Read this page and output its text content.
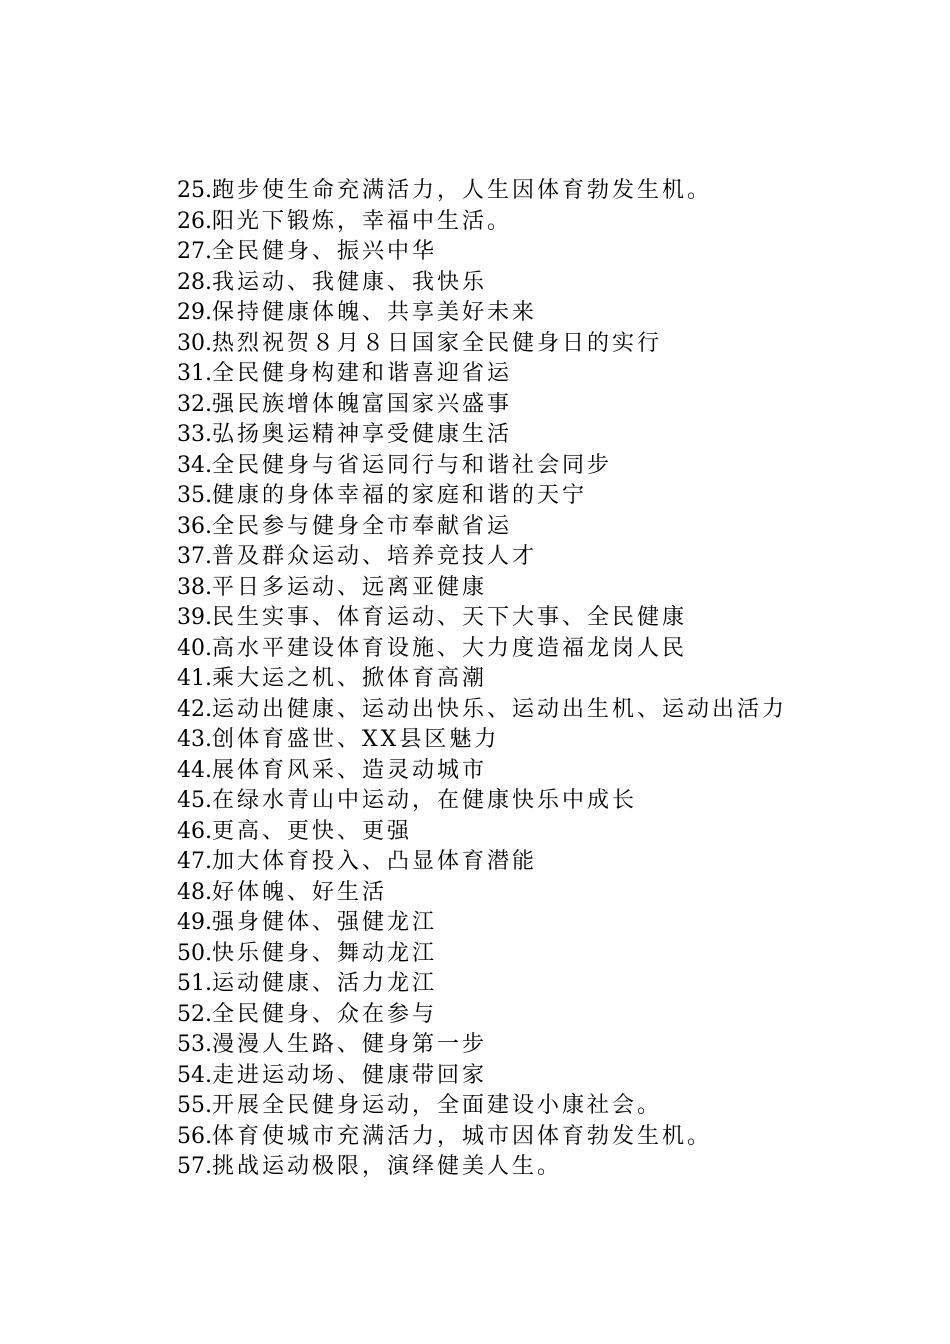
25.跑步使生命充满活力，人生因体育勃发生机。
26.阳光下锻炼，幸福中生活。
27.全民健身、振兴中华
28.我运动、我健康、我快乐
29.保持健康体魄、共享美好未来
30.热烈祝贺８月８日国家全民健身日的实行
31.全民健身构建和谐喜迎省运
32.强民族增体魄富国家兴盛事
33.弘扬奥运精神享受健康生活
34.全民健身与省运同行与和谐社会同步
35.健康的身体幸福的家庭和谐的天宁
36.全民参与健身全市奉献省运
37.普及群众运动、培养竞技人才
38.平日多运动、远离亚健康
39.民生实事、体育运动、天下大事、全民健康
40.高水平建设体育设施、大力度造福龙岗人民
41.乘大运之机、掀体育高潮
42.运动出健康、运动出快乐、运动出生机、运动出活力
43.创体育盛世、XX县区魅力
44.展体育风采、造灵动城市
45.在绿水青山中运动，在健康快乐中成长
46.更高、更快、更强
47.加大体育投入、凸显体育潜能
48.好体魄、好生活
49.强身健体、强健龙江
50.快乐健身、舞动龙江
51.运动健康、活力龙江
52.全民健身、众在参与
53.漫漫人生路、健身第一步
54.走进运动场、健康带回家
55.开展全民健身运动，全面建设小康社会。
56.体育使城市充满活力，城市因体育勃发生机。
57.挑战运动极限，演绎健美人生。
